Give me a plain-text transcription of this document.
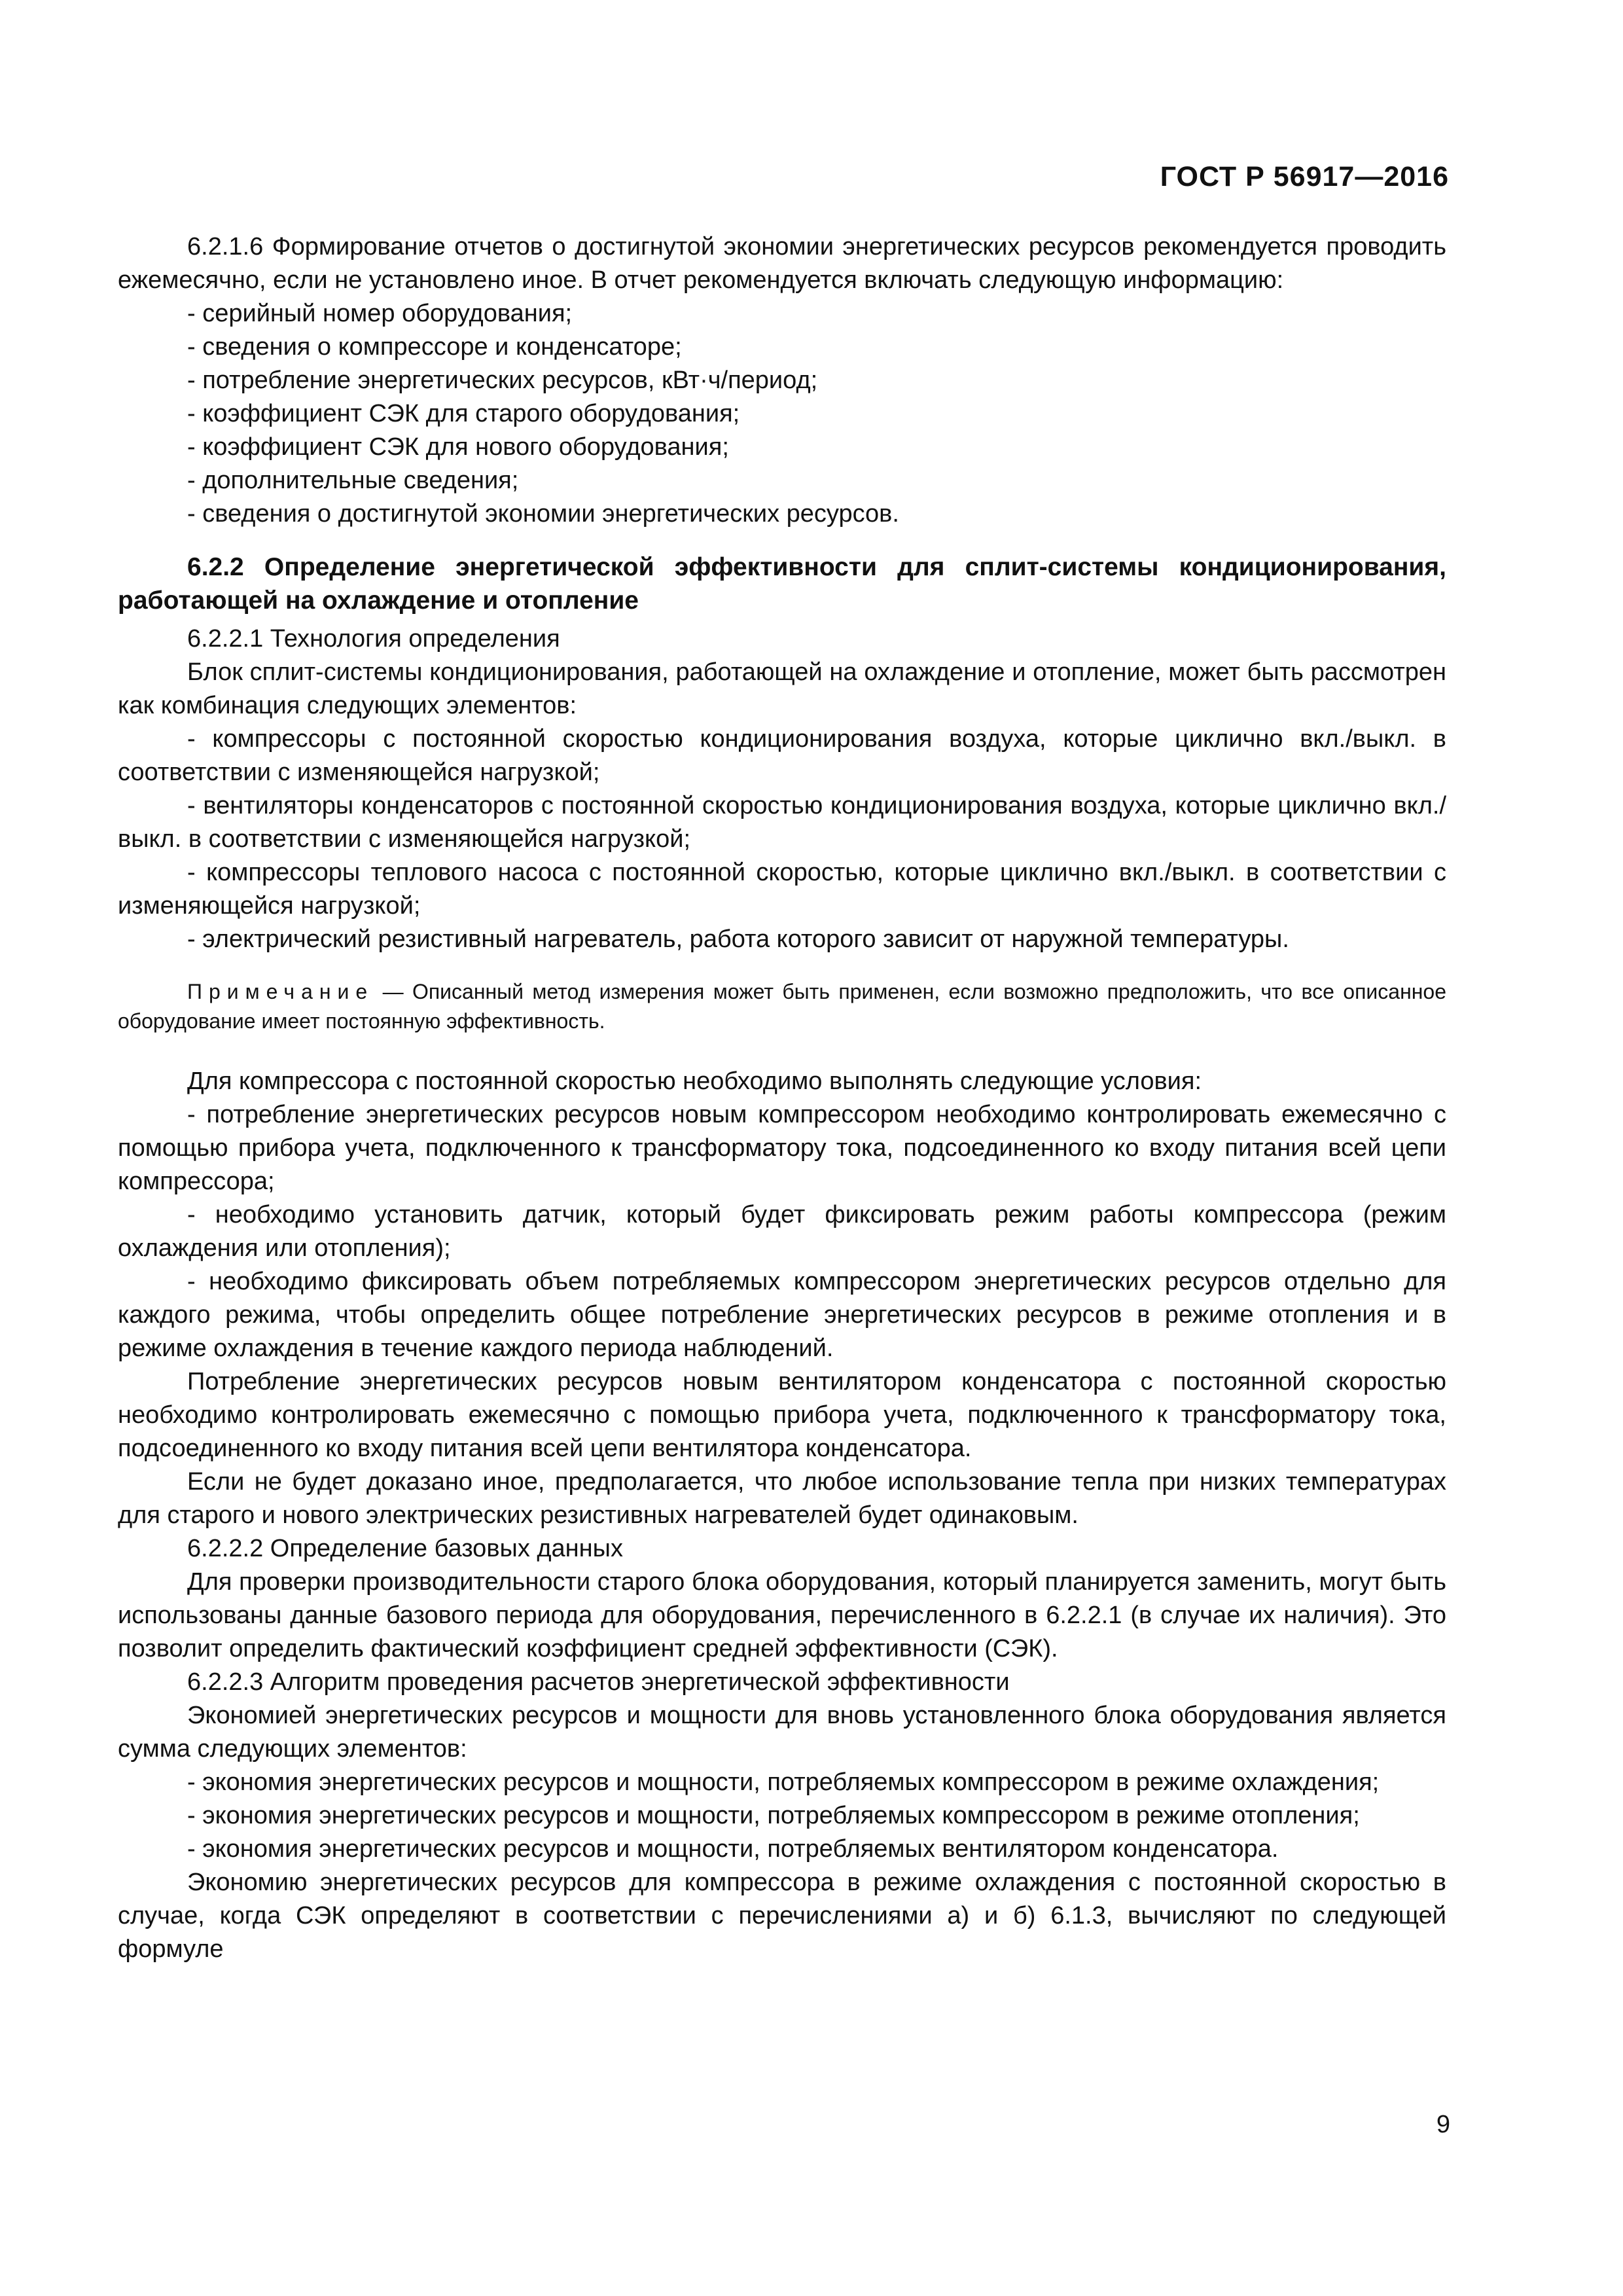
ГОСТ Р 56917—2016

6.2.1.6 Формирование отчетов о достигнутой экономии энергетических ресурсов рекомендуется проводить ежемесячно, если не установлено иное. В отчет рекомендуется включать следующую информацию:

- серийный номер оборудования;

- сведения о компрессоре и конденсаторе;

- потребление энергетических ресурсов, кВт·ч/период;

- коэффициент СЭК для старого оборудования;

- коэффициент СЭК для нового оборудования;

- дополнительные сведения;

- сведения о достигнутой экономии энергетических ресурсов.

6.2.2 Определение энергетической эффективности для сплит-системы кондиционирования, работающей на охлаждение и отопление

6.2.2.1 Технология определения

Блок сплит-системы кондиционирования, работающей на охлаждение и отопление, может быть рассмотрен как комбинация следующих элементов:

- компрессоры с постоянной скоростью кондиционирования воздуха, которые циклично вкл./выкл. в соответствии с изменяющейся нагрузкой;

- вентиляторы конденсаторов с постоянной скоростью кондиционирования воздуха, которые циклично вкл./выкл. в соответствии с изменяющейся нагрузкой;

- компрессоры теплового насоса с постоянной скоростью, которые циклично вкл./выкл. в соответствии с изменяющейся нагрузкой;

- электрический резистивный нагреватель, работа которого зависит от наружной температуры.

Примечание — Описанный метод измерения может быть применен, если возможно предположить, что все описанное оборудование имеет постоянную эффективность.

Для компрессора с постоянной скоростью необходимо выполнять следующие условия:

- потребление энергетических ресурсов новым компрессором необходимо контролировать ежемесячно с помощью прибора учета, подключенного к трансформатору тока, подсоединенного ко входу питания всей цепи компрессора;

- необходимо установить датчик, который будет фиксировать режим работы компрессора (режим охлаждения или отопления);

- необходимо фиксировать объем потребляемых компрессором энергетических ресурсов отдельно для каждого режима, чтобы определить общее потребление энергетических ресурсов в режиме отопления и в режиме охлаждения в течение каждого периода наблюдений.

Потребление энергетических ресурсов новым вентилятором конденсатора с постоянной скоростью необходимо контролировать ежемесячно с помощью прибора учета, подключенного к трансформатору тока, подсоединенного ко входу питания всей цепи вентилятора конденсатора.

Если не будет доказано иное, предполагается, что любое использование тепла при низких температурах для старого и нового электрических резистивных нагревателей будет одинаковым.

6.2.2.2 Определение базовых данных

Для проверки производительности старого блока оборудования, который планируется заменить, могут быть использованы данные базового периода для оборудования, перечисленного в 6.2.2.1 (в случае их наличия). Это позволит определить фактический коэффициент средней эффективности (СЭК).

6.2.2.3 Алгоритм проведения расчетов энергетической эффективности

Экономией энергетических ресурсов и мощности для вновь установленного блока оборудования является сумма следующих элементов:

- экономия энергетических ресурсов и мощности, потребляемых компрессором в режиме охлаждения;

- экономия энергетических ресурсов и мощности, потребляемых компрессором в режиме отопления;

- экономия энергетических ресурсов и мощности, потребляемых вентилятором конденсатора.

Экономию энергетических ресурсов для компрессора в режиме охлаждения с постоянной скоростью в случае, когда СЭК определяют в соответствии с перечислениями а) и б) 6.1.3, вычисляют по следующей формуле

9
